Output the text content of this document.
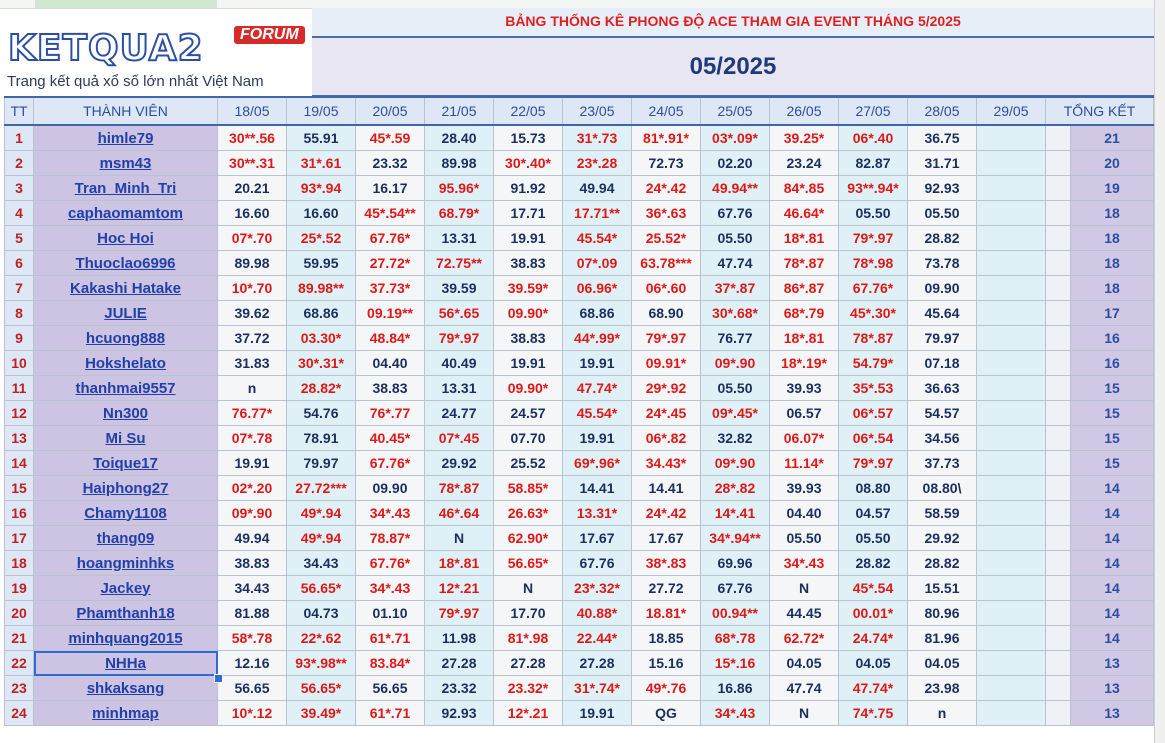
KETQUA2	FORUM
Trang kết quả xổ số lớn nhất Việt Nam
BẢNG THỐNG KÊ PHONG ĐỘ ACE THAM GIA EVENT THÁNG 5/2025
05/2025
TT	THÀNH VIÊN	18/05	19/05	20/05	21/05	22/05	23/05	24/05	25/05	26/05	27/05	28/05	29/05	TỔNG KẾT	
1	himle79	30**.56	55.91	45*.59	28.40	15.73	31*.73	81*.91*	03*.09*	39.25*	06*.40	36.75			21
2	msm43	30**.31	31*.61	23.32	89.98	30*.40*	23*.28	72.73	02.20	23.24	82.87	31.71			20
3	Tran_Minh_Tri	20.21	93*.94	16.17	95.96*	91.92	49.94	24*.42	49.94**	84*.85	93**.94*	92.93			19
4	caphaomamtom	16.60	16.60	45*.54**	68.79*	17.71	17.71**	36*.63	67.76	46.64*	05.50	05.50			18
5	Hoc Hoi	07*.70	25*.52	67.76*	13.31	19.91	45.54*	25.52*	05.50	18*.81	79*.97	28.82			18
6	Thuoclao6996	89.98	59.95	27.72*	72.75**	38.83	07*.09	63.78***	47.74	78*.87	78*.98	73.78			18
7	Kakashi Hatake	10*.70	89.98**	37.73*	39.59	39.59*	06.96*	06*.60	37*.87	86*.87	67.76*	09.90			18
8	JULIE	39.62	68.86	09.19**	56*.65	09.90*	68.86	68.90	30*.68*	68*.79	45*.30*	45.64			17
9	hcuong888	37.72	03.30*	48.84*	79*.97	38.83	44*.99*	79*.97	76.77	18*.81	78*.87	79.97			16
10	Hokshelato	31.83	30*.31*	04.40	40.49	19.91	19.91	09.91*	09*.90	18*.19*	54.79*	07.18			16
11	thanhmai9557	n	28.82*	38.83	13.31	09.90*	47.74*	29*.92	05.50	39.93	35*.53	36.63			15
12	Nn300	76.77*	54.76	76*.77	24.77	24.57	45.54*	24*.45	09*.45*	06.57	06*.57	54.57			15
13	Mi Su	07*.78	78.91	40.45*	07*.45	07.70	19.91	06*.82	32.82	06.07*	06*.54	34.56			15
14	Toique17	19.91	79.97	67.76*	29.92	25.52	69*.96*	34.43*	09*.90	11.14*	79*.97	37.73			15
15	Haiphong27	02*.20	27.72***	09.90	78*.87	58.85*	14.41	14.41	28*.82	39.93	08.80	08.80\			14
16	Chamy1108	09*.90	49*.94	34*.43	46*.64	26.63*	13.31*	24*.42	14*.41	04.40	04.57	58.59			14
17	thang09	49.94	49*.94	78.87*	N	62.90*	17.67	17.67	34*.94**	05.50	05.50	29.92			14
18	hoangminhks	38.83	34.43	67.76*	18*.81	56.65*	67.76	38*.83	69.96	34*.43	28.82	28.82			14
19	Jackey	34.43	56.65*	34*.43	12*.21	N	23*.32*	27.72	67.76	N	45*.54	15.51			14
20	Phamthanh18	81.88	04.73	01.10	79*.97	17.70	40.88*	18.81*	00.94**	44.45	00.01*	80.96			14
21	minhquang2015	58*.78	22*.62	61*.71	11.98	81*.98	22.44*	18.85	68*.78	62.72*	24.74*	81.96			14
22	NHHa	12.16	93*.98**	83.84*	27.28	27.28	27.28	15.16	15*.16	04.05	04.05	04.05			13
23	shkaksang	56.65	56.65*	56.65	23.32	23.32*	31*.74*	49*.76	16.86	47.74	47.74*	23.98			13
24	minhmap	10*.12	39.49*	61*.71	92.93	12*.21	19.91	QG	34*.43	N	74*.75	n			13
